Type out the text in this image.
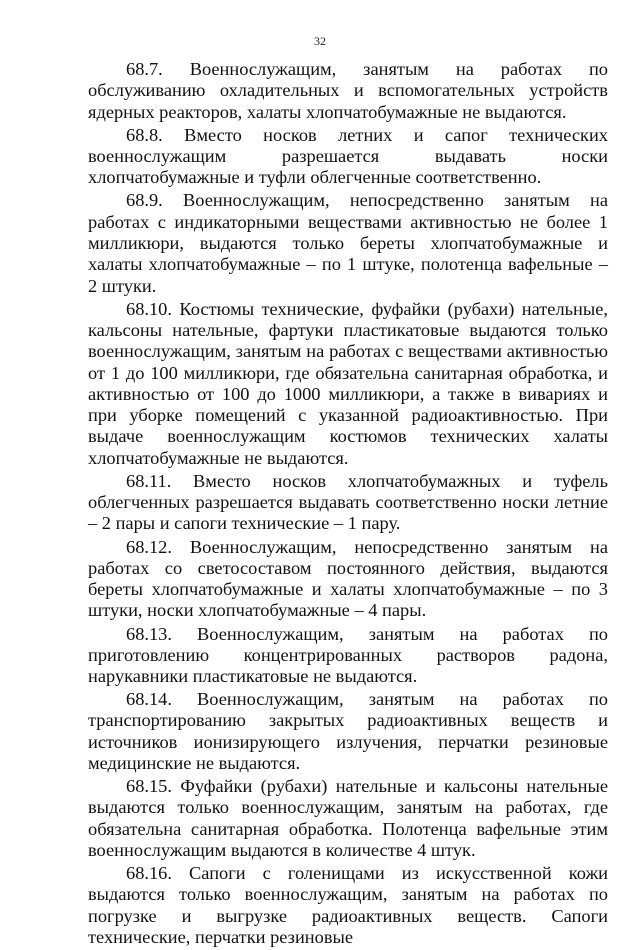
32

68.7. Военнослужащим, занятым на работах по обслуживанию охладительных и вспомогательных устройств ядерных реакторов, халаты хлопчатобумажные не выдаются.

68.8. Вместо носков летних и сапог технических военнослужащим разрешается выдавать носки хлопчатобумажные и туфли облегченные соответственно.

68.9. Военнослужащим, непосредственно занятым на работах с индикаторными веществами активностью не более 1 милликюри, выдаются только береты хлопчатобумажные и халаты хлопчатобумажные – по 1 штуке, полотенца вафельные – 2 штуки.

68.10. Костюмы технические, фуфайки (рубахи) нательные, кальсоны нательные, фартуки пластикатовые выдаются только военнослужащим, занятым на работах с веществами активностью от 1 до 100 милликюри, где обязательна санитарная обработка, и активностью от 100 до 1000 милликюри, а также в вивариях и при уборке помещений с указанной радиоактивностью. При выдаче военнослужащим костюмов технических халаты хлопчатобумажные не выдаются.

68.11. Вместо носков хлопчатобумажных и туфель облегченных разрешается выдавать соответственно носки летние – 2 пары и сапоги технические – 1 пару.

68.12. Военнослужащим, непосредственно занятым на работах со светосоставом постоянного действия, выдаются береты хлопчатобумажные и халаты хлопчатобумажные – по 3 штуки, носки хлопчатобумажные – 4 пары.

68.13. Военнослужащим, занятым на работах по приготовлению концентрированных растворов радона, нарукавники пластикатовые не выдаются.

68.14. Военнослужащим, занятым на работах по транспортированию закрытых радиоактивных веществ и источников ионизирующего излучения, перчатки резиновые медицинские не выдаются.

68.15. Фуфайки (рубахи) нательные и кальсоны нательные выдаются только военнослужащим, занятым на работах, где обязательна санитарная обработка. Полотенца вафельные этим военнослужащим выдаются в количестве 4 штук.

68.16. Сапоги с голенищами из искусственной кожи выдаются только военнослужащим, занятым на работах по погрузке и выгрузке радиоактивных веществ. Сапоги технические, перчатки резиновые
